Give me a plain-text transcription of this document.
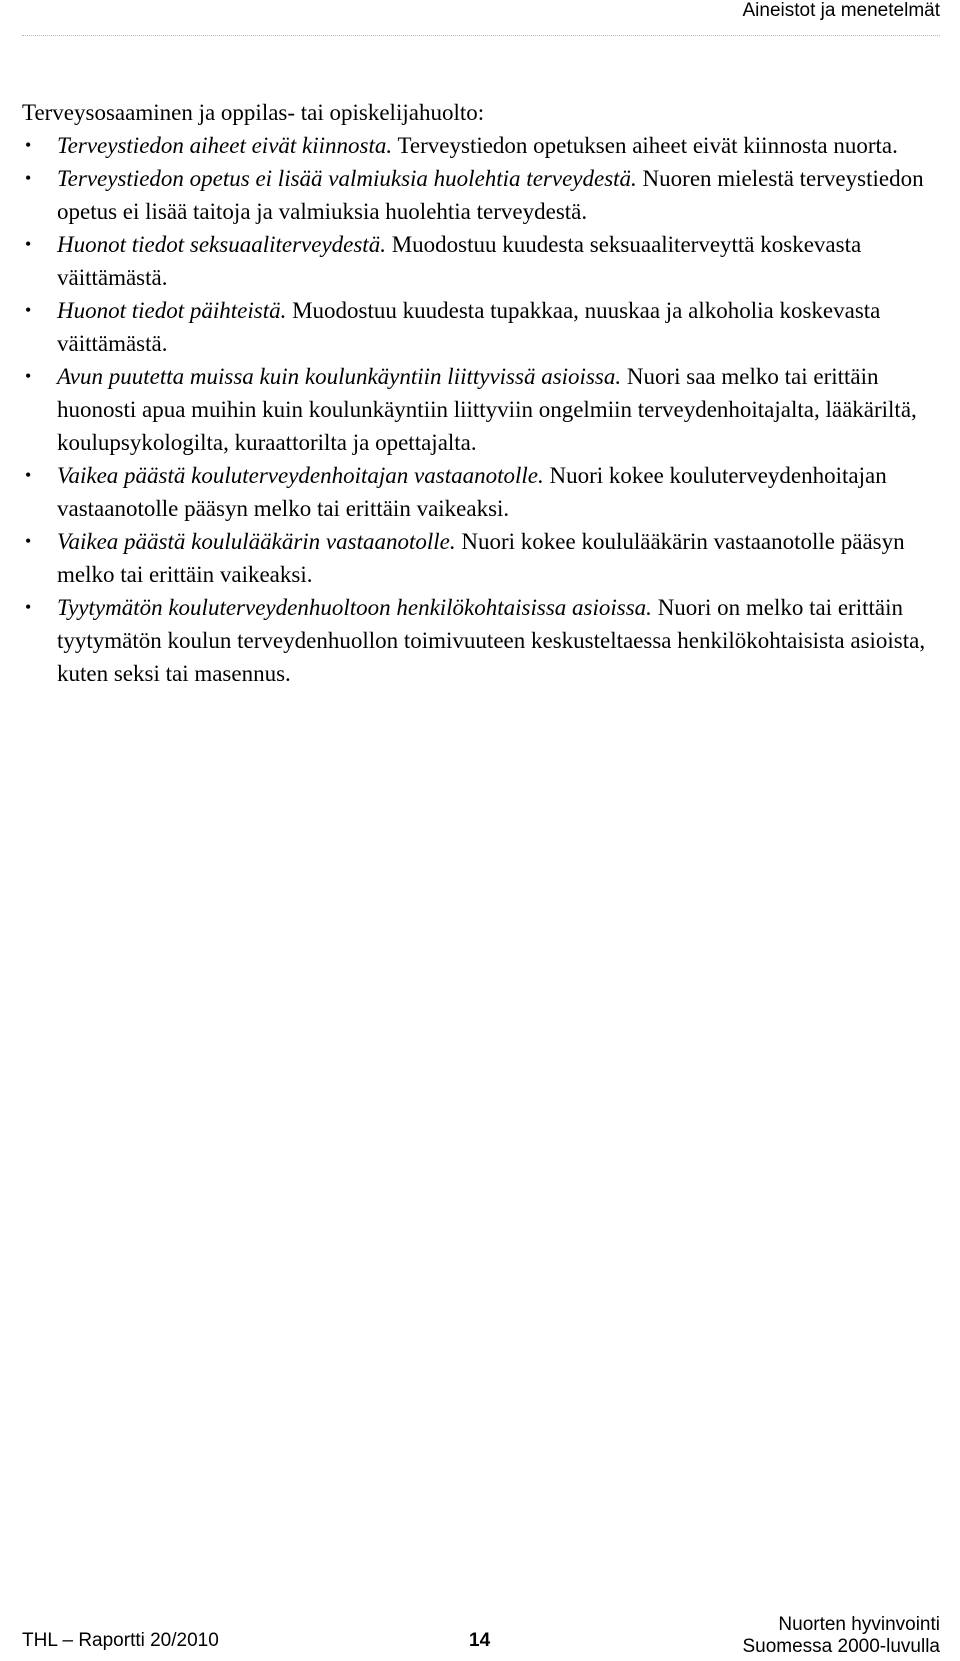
Aineistot ja menetelmät

Terveysosaaminen ja oppilas- tai opiskelijahuolto:

•	Terveystiedon aiheet eivät kiinnosta. Terveystiedon opetuksen aiheet eivät kiinnosta nuorta.
•	Terveystiedon opetus ei lisää valmiuksia huolehtia terveydestä. Nuoren mielestä terveystiedon opetus ei lisää taitoja ja valmiuksia huolehtia terveydestä.
•	Huonot tiedot seksuaaliterveydestä. Muodostuu kuudesta seksuaaliterveyttä koskevasta väittämästä.
•	Huonot tiedot päihteistä. Muodostuu kuudesta tupakkaa, nuuskaa ja alkoholia koskevasta väittämästä.
•	Avun puutetta muissa kuin koulunkäyntiin liittyvissä asioissa. Nuori saa melko tai erittäin huonosti apua muihin kuin koulunkäyntiin liittyviin ongelmiin terveydenhoitajalta, lääkäriltä, koulupsykologilta, kuraattorilta ja opettajalta.
•	Vaikea päästä kouluterveydenhoitajan vastaanotolle. Nuori kokee kouluterveydenhoitajan vastaanotolle pääsyn melko tai erittäin vaikeaksi.
•	Vaikea päästä koululääkärin vastaanotolle. Nuori kokee koululääkärin vastaanotolle pääsyn melko tai erittäin vaikeaksi.
•	Tyytymätön kouluterveydenhuoltoon henkilökohtaisissa asioissa. Nuori on melko tai erittäin tyytymätön koulun terveydenhuollon toimivuuteen keskusteltaessa henkilökohtaisista asioista, kuten seksi tai masennus.
THL – Raportti 20/2010	14
Nuorten hyvinvointi
Suomessa 2000-luvulla
